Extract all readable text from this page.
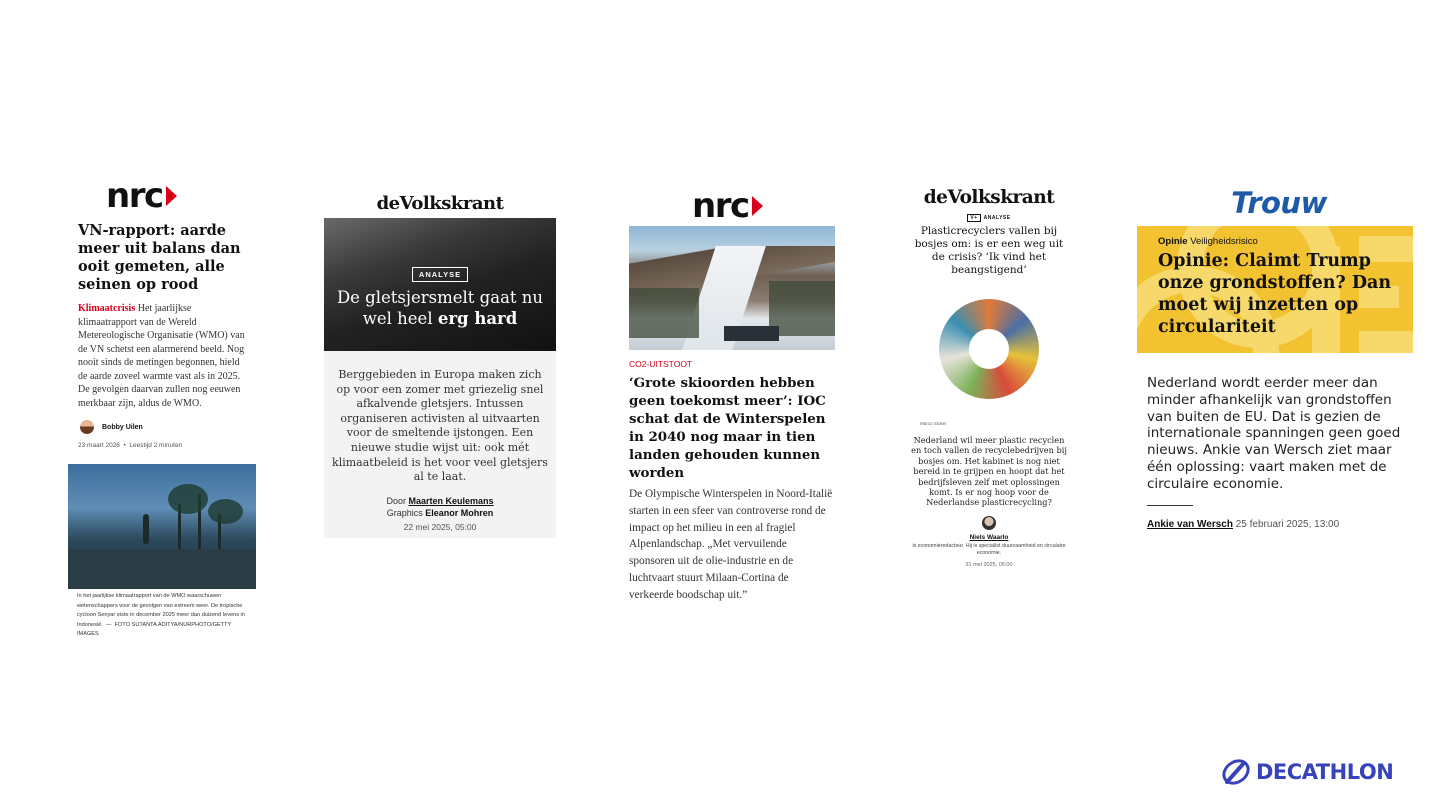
nrc
VN-rapport: aarde meer uit balans dan ooit gemeten, alle seinen op rood
Klimaatcrisis Het jaarlijkse klimaatrapport van de Wereld Metereologische Organisatie (WMO) van de VN schetst een alarmerend beeld. Nog nooit sinds de metingen begonnen, hield de aarde zoveel warmte vast als in 2025. De gevolgen daarvan zullen nog eeuwen merkbaar zijn, aldus de WMO.
Bobby Uilen
23 maart 2026  •  Leestijd 2 minuten
In het jaarlijkse klimaatrapport van de WMO waarschuwen wetenschappers voor de gevolgen van extreem weer. De tropische cycloon Senyar eiste in december 2025 meer dan duizend levens in Indonesië.  —  FOTO SUTANTA ADITYA/NURPHOTO/GETTY IMAGES
deVolkskrant
ANALYSE
De gletsjersmelt gaat nu wel heel erg hard
Berggebieden in Europa maken zich op voor een zomer met griezelig snel afkalvende gletsjers. Intussen organiseren activisten al uitvaarten voor de smeltende ijstongen. Een nieuwe studie wijst uit: ook mét klimaatbeleid is het voor veel gletsjers al te laat.
Door Maarten Keulemans
Graphics Eleanor Mohren
22 mei 2025, 05:00
nrc
CO2-UITSTOOT
‘Grote skioorden hebben geen toekomst meer’: IOC schat dat de Winterspelen in 2040 nog maar in tien landen gehouden kunnen worden
De Olympische Winterspelen in Noord-Italië starten in een sfeer van controverse rond de impact op het milieu in een al fragiel Alpenlandschap. „Met vervuilende sponsoren uit de olie-industrie en de luchtvaart stuurt Milaan-Cortina de verkeerde boodschap uit.”
deVolkskrant
V+ ANALYSE
Plasticrecyclers vallen bij bosjes om: is er een weg uit de crisis? ‘Ik vind het beangstigend’
Marco Stoker
Nederland wil meer plastic recyclen en toch vallen de recyclebedrijven bij bosjes om. Het kabinet is nog niet bereid in te grijpen en hoopt dat het bedrijfsleven zelf met oplossingen komt. Is er nog hoop voor de Nederlandse plasticrecycling?
Niels Waarlo
is economieredacteur. Hij is specialist duurzaamheid en circulaire economie.
31 mei 2025, 05:00
Trouw
Opinie Veiligheidsrisico
Opinie: Claimt Trump onze grondstoffen? Dan moet wij inzetten op circulariteit
Nederland wordt eerder meer dan minder afhankelijk van grondstoffen van buiten de EU. Dat is gezien de internationale spanningen geen goed nieuws. Ankie van Wersch ziet maar één oplossing: vaart maken met de circulaire economie.
Ankie van Wersch 25 februari 2025, 13:00
DECATHLON
